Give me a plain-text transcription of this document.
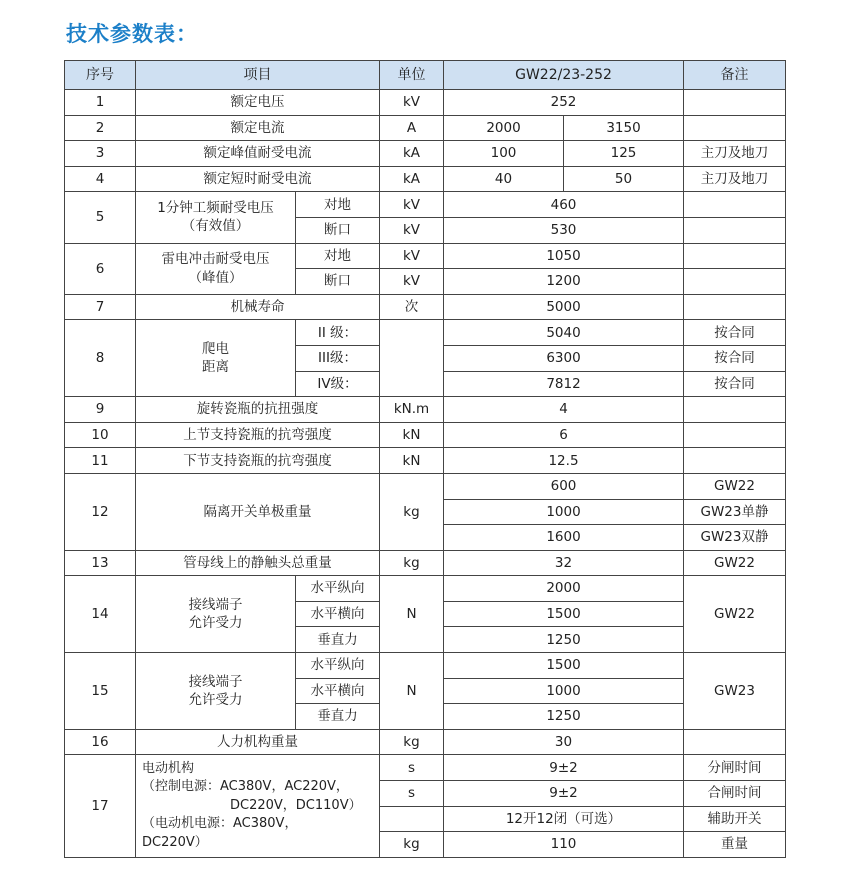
技术参数表：
序号	项目		单位	GW22/23-252		备注
1	额定电压		kV	252		
2	额定电流		A	2000	3150	
3	额定峰值耐受电流		kA	100	125	主刀及地刀
4	额定短时耐受电流		kA	40	50	主刀及地刀
5	1分钟工频耐受电压
（有效值）	对地	kV	460		
		断口	kV	530		
6	雷电冲击耐受电压
（峰值）	对地	kV	1050		
		断口	kV	1200		
7	机械寿命		次	5000		
8	爬电
距离	II 级：		5040		按合同
		III级：		6300		按合同
		IV级：		7812		按合同
9	旋转瓷瓶的抗扭强度		kN.m	4		
10	上节支持瓷瓶的抗弯强度		kN	6		
11	下节支持瓷瓶的抗弯强度		kN	12.5		
12	隔离开关单极重量		kg	600		GW22
				1000		GW23单静
				1600		GW23双静
13	管母线上的静触头总重量		kg	32		GW22
14	接线端子
允许受力	水平纵向	N	2000		GW22
		水平横向		1500		
		垂直力		1250		
15	接线端子
允许受力	水平纵向	N	1500		GW23
		水平横向		1000		
		垂直力		1250		
16	人力机构重量		kg	30		
17	电动机构
（控制电源：AC380V，AC220V，
DC220V，DC110V）
（电动机电源：AC380V，
DC220V）		s	9±2		分闸时间
			s	9±2		合闸时间
				12开12闭（可选）		辅助开关
			kg	110		重量
